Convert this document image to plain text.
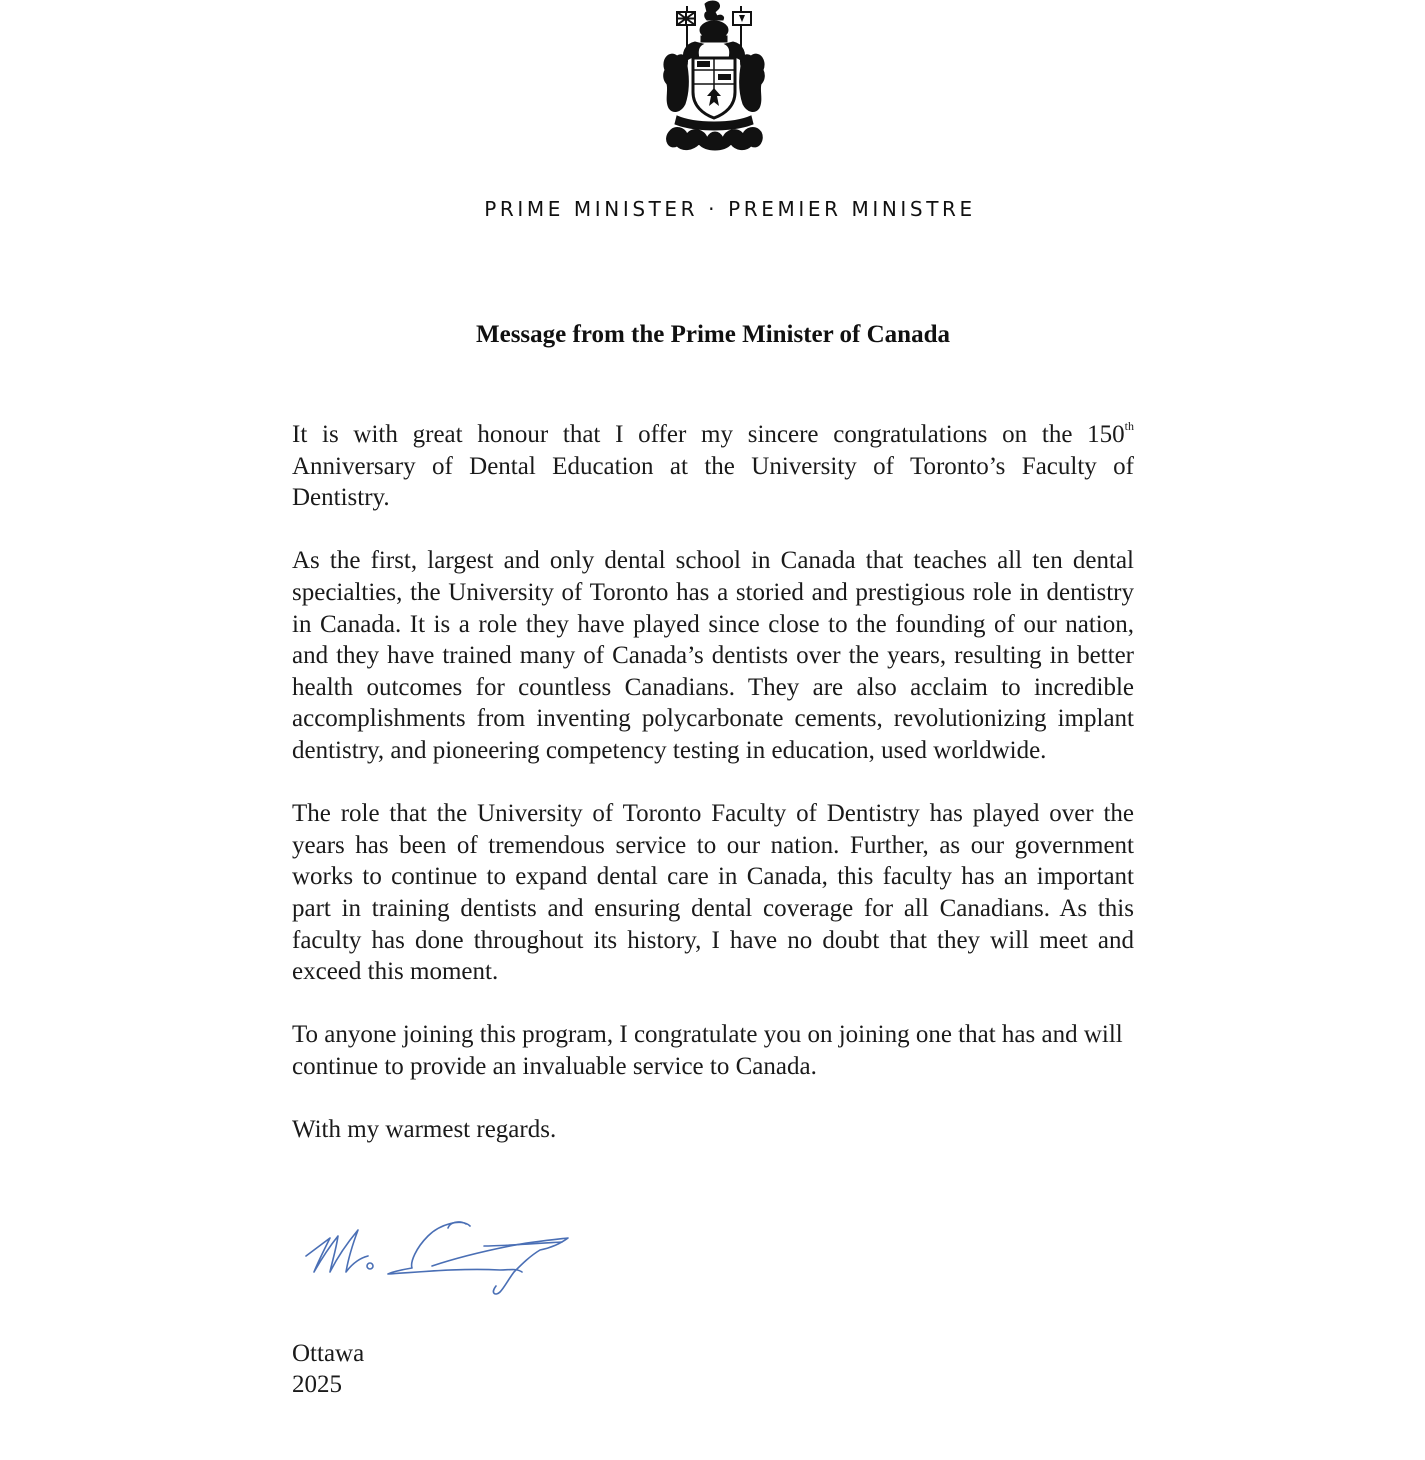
PRIME MINISTER · PREMIER MINISTRE
Message from the Prime Minister of Canada

It is with great honour that I offer my sincere congratulations on the 150th Anniversary of Dental Education at the University of Toronto’s Faculty of Dentistry.

As the first, largest and only dental school in Canada that teaches all ten dental specialties, the University of Toronto has a storied and prestigious role in dentistry in Canada. It is a role they have played since close to the founding of our nation, and they have trained many of Canada’s dentists over the years, resulting in better health outcomes for countless Canadians. They are also acclaim to incredible accomplishments from inventing polycarbonate cements, revolutionizing implant dentistry, and pioneering competency testing in education, used worldwide.

The role that the University of Toronto Faculty of Dentistry has played over the years has been of tremendous service to our nation. Further, as our government works to continue to expand dental care in Canada, this faculty has an important part in training dentists and ensuring dental coverage for all Canadians. As this faculty has done throughout its history, I have no doubt that they will meet and exceed this moment.

To anyone joining this program, I congratulate you on joining one that has and will continue to provide an invaluable service to Canada.

With my warmest regards.

Ottawa
2025
